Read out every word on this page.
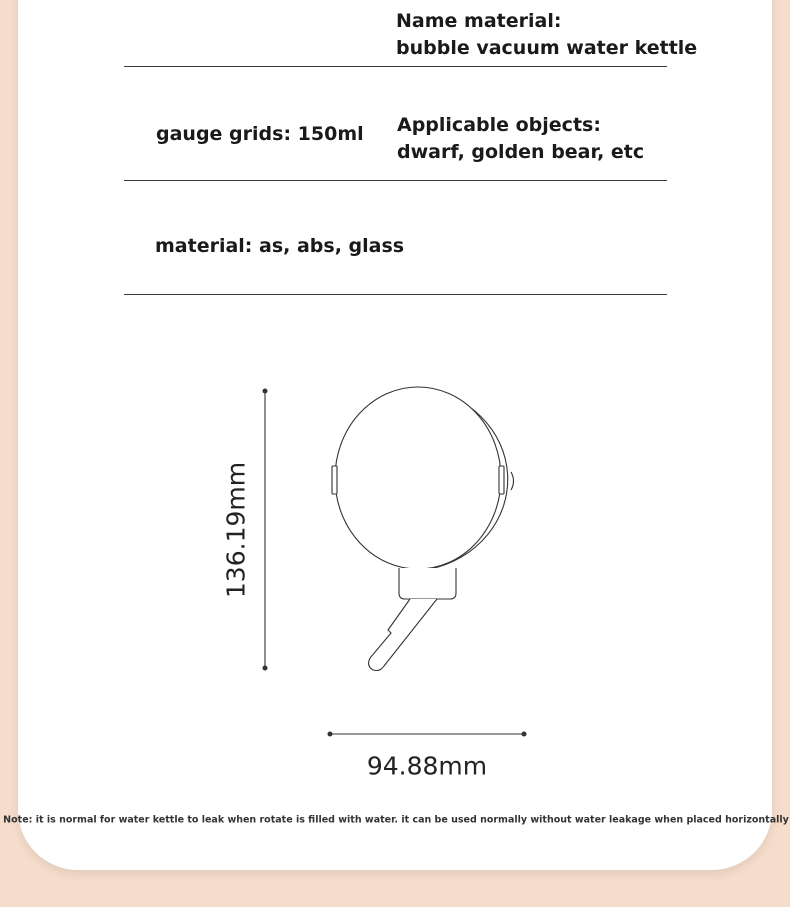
Name material:
bubble vacuum water kettle
gauge grids: 150ml Applicable objects:
dwarf, golden bear, etc
material: as, abs, glass
136.19mm
94.88mm
Note: it is normal for water kettle to leak when rotate is filled with water. it can be used normally without water leakage when placed horizontally
